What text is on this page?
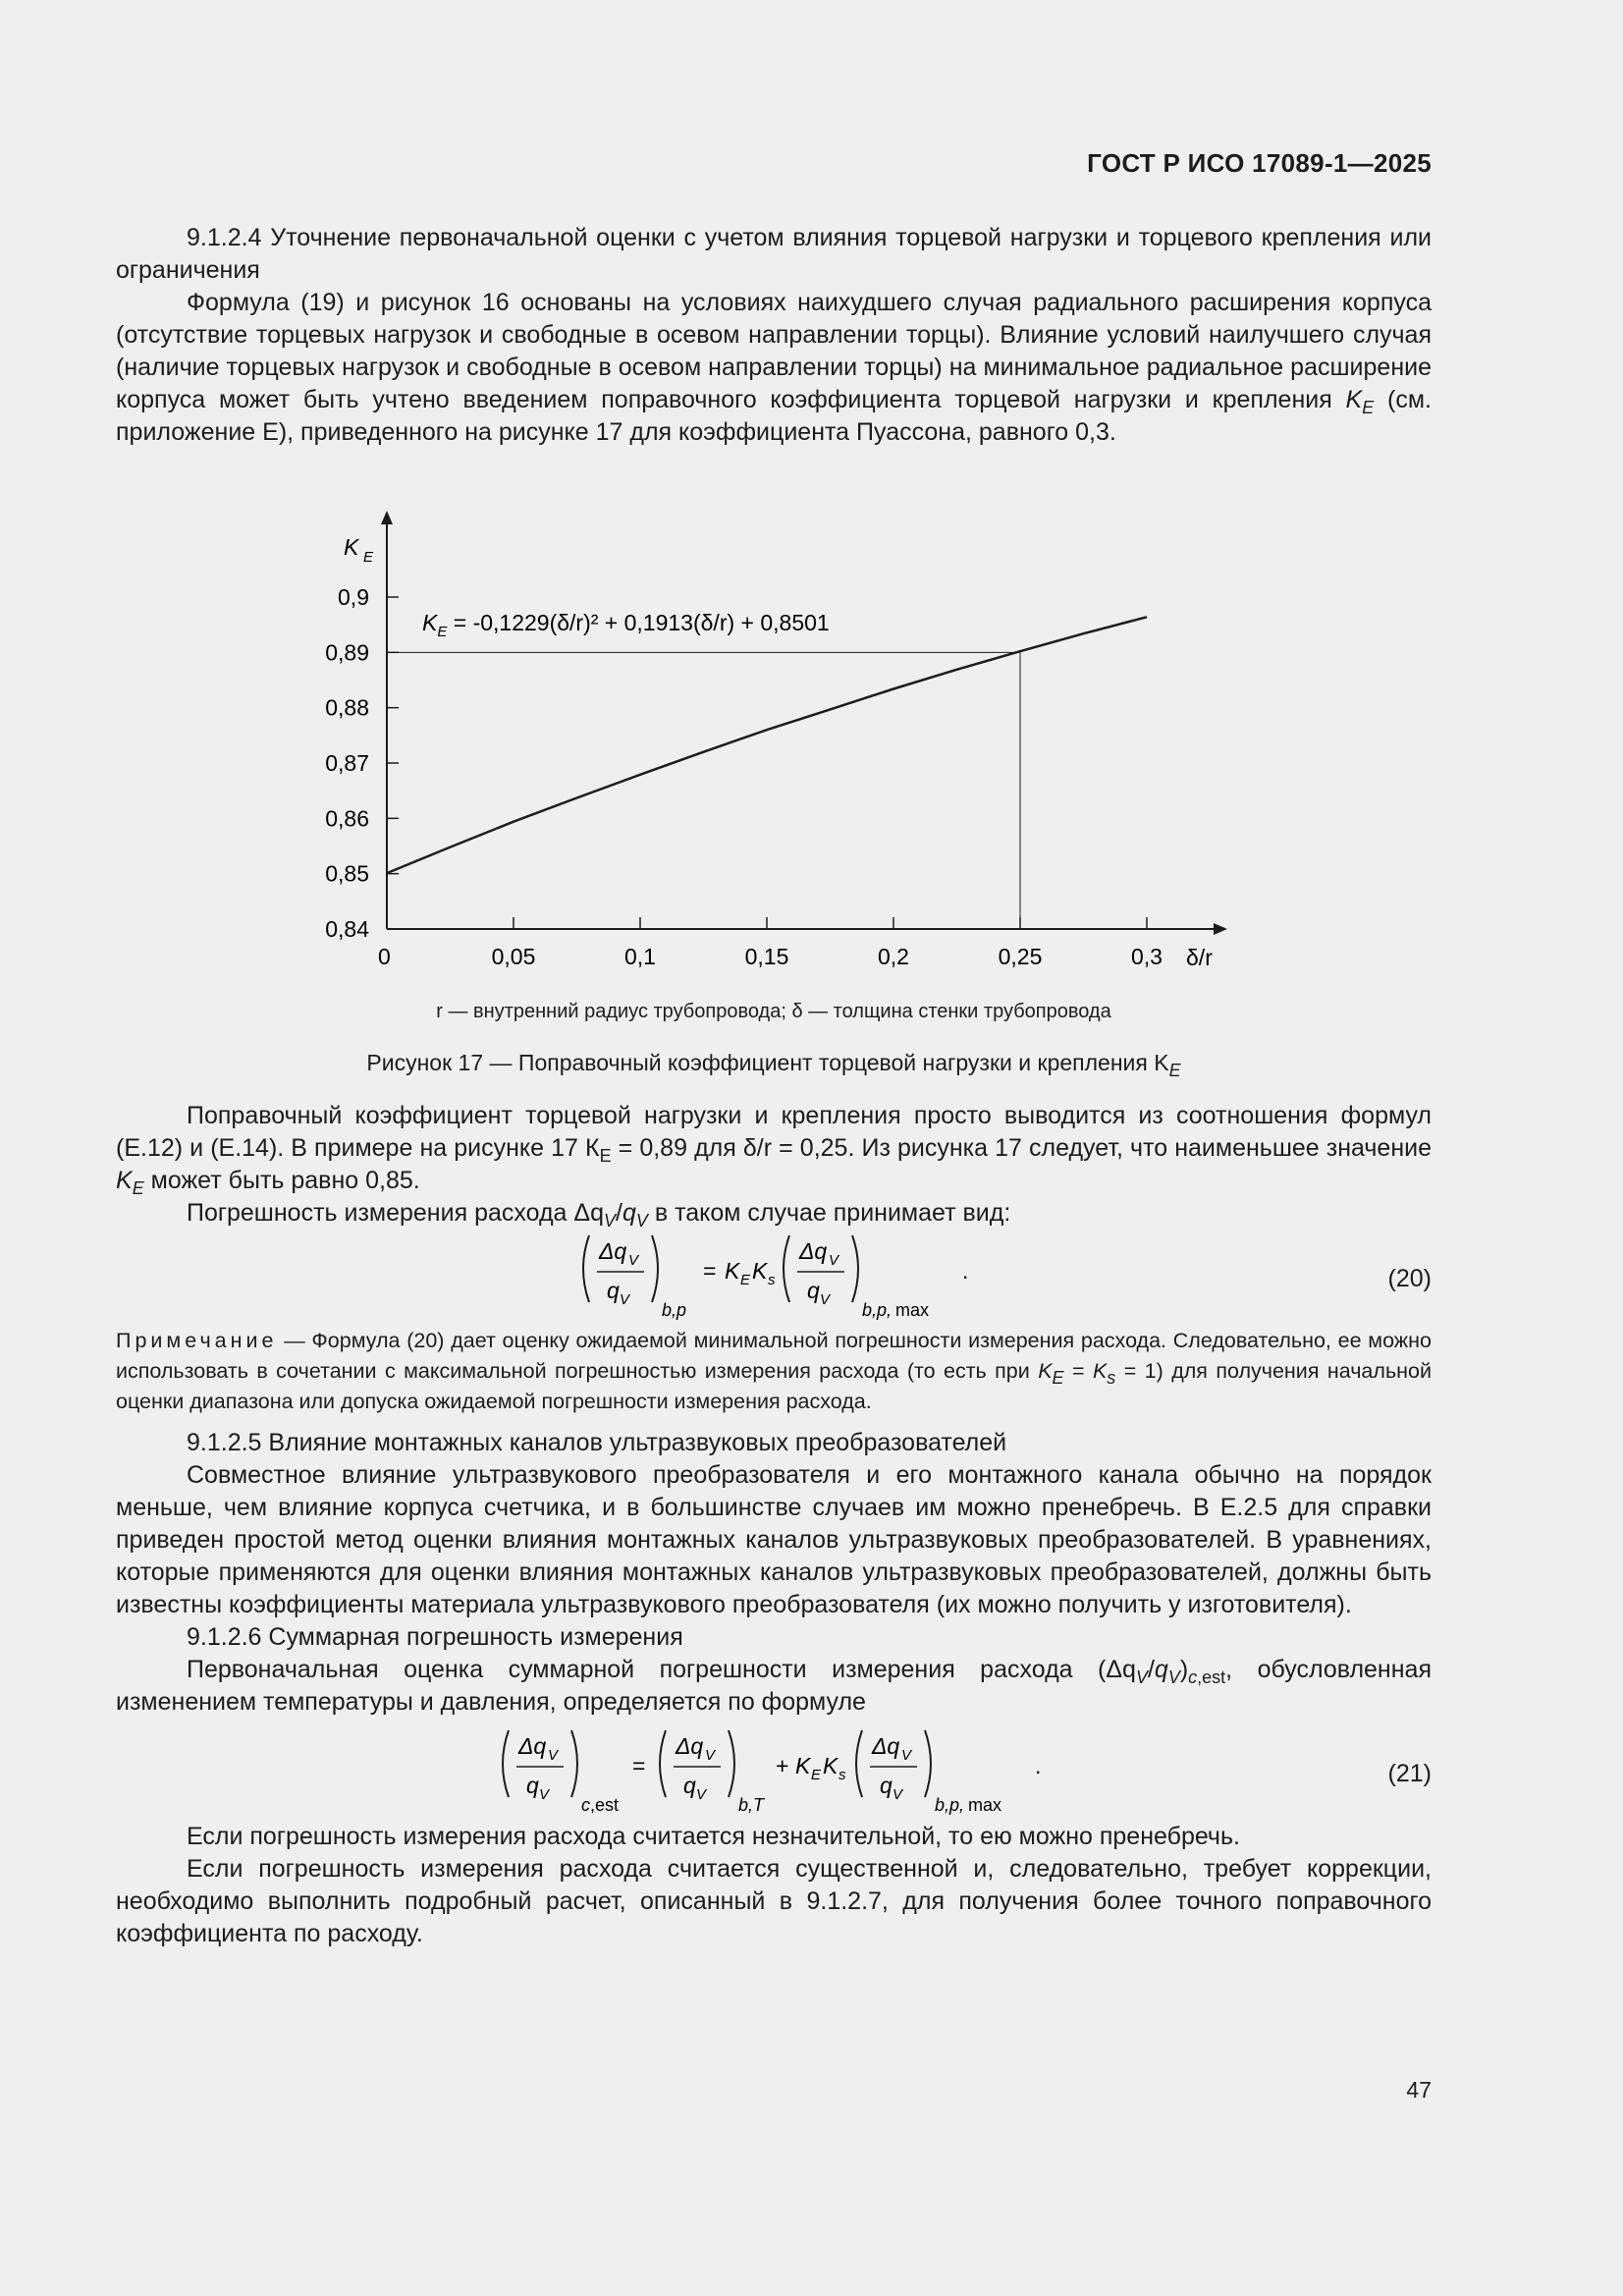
ГОСТ Р ИСО 17089-1—2025

9.1.2.4 Уточнение первоначальной оценки с учетом влияния торцевой нагрузки и торцевого крепления или ограничения

Формула (19) и рисунок 16 основаны на условиях наихудшего случая радиального расширения корпуса (отсутствие торцевых нагрузок и свободные в осевом направлении торцы). Влияние условий наилучшего случая (наличие торцевых нагрузок и свободные в осевом направлении торцы) на минимальное радиальное расширение корпуса может быть учтено введением поправочного коэффициента торцевой нагрузки и крепления $K_E$ (см. приложение Е), приведенного на рисунке 17 для коэффициента Пуассона, равного 0,3.

0	0,05	0,1	0,15	0,2	0,25	0,3
0,84
0,85
0,86
0,87
0,88
0,89
0,9
K E
$K_E = -0,1229(\delta/r)^2 + 0,1913(\delta/r) + 0,8501$
δ/r
r — внутренний радиус трубопровода; δ — толщина стенки трубопровода
Рисунок 17 — Поправочный коэффициент торцевой нагрузки и крепления $K_E$

Поправочный коэффициент торцевой нагрузки и крепления просто выводится из соотношения формул (Е.12) и (Е.14). В примере на рисунке 17 $К_Е = 0,89$ для δ/r = 0,25. Из рисунка 17 следует, что наименьшее значение $K_E$ может быть равно 0,85.

Погрешность измерения расхода $\Delta q_V/q_V$ в таком случае принимает вид:

Δq V
q V
b,p
= K E K s
Δq V
q V
b,p, max
.	(20)

Примечание — Формула (20) дает оценку ожидаемой минимальной погрешности измерения расхода. Следовательно, ее можно использовать в сочетании с максимальной погрешностью измерения расхода (то есть при $K_E = K_s = 1$) для получения начальной оценки диапазона или допуска ожидаемой погрешности измерения расхода.

9.1.2.5 Влияние монтажных каналов ультразвуковых преобразователей

Совместное влияние ультразвукового преобразователя и его монтажного канала обычно на порядок меньше, чем влияние корпуса счетчика, и в большинстве случаев им можно пренебречь. В Е.2.5 для справки приведен простой метод оценки влияния монтажных каналов ультразвуковых преобразователей. В уравнениях, которые применяются для оценки влияния монтажных каналов ультразвуковых преобразователей, должны быть известны коэффициенты материала ультразвукового преобразователя (их можно получить у изготовителя).

9.1.2.6 Суммарная погрешность измерения

Первоначальная оценка суммарной погрешности измерения расхода $(\Delta q_V/q_V)_{c,est}$, обусловленная изменением температуры и давления, определяется по формуле

Δq V
q V
c,est
=
Δq V
q V
b,T
+ K E K s
Δq V
q V
b,p, max
.	(21)

Если погрешность измерения расхода считается незначительной, то ею можно пренебречь.

Если погрешность измерения расхода считается существенной и, следовательно, требует коррекции, необходимо выполнить подробный расчет, описанный в 9.1.2.7, для получения более точного поправочного коэффициента по расходу.

47
